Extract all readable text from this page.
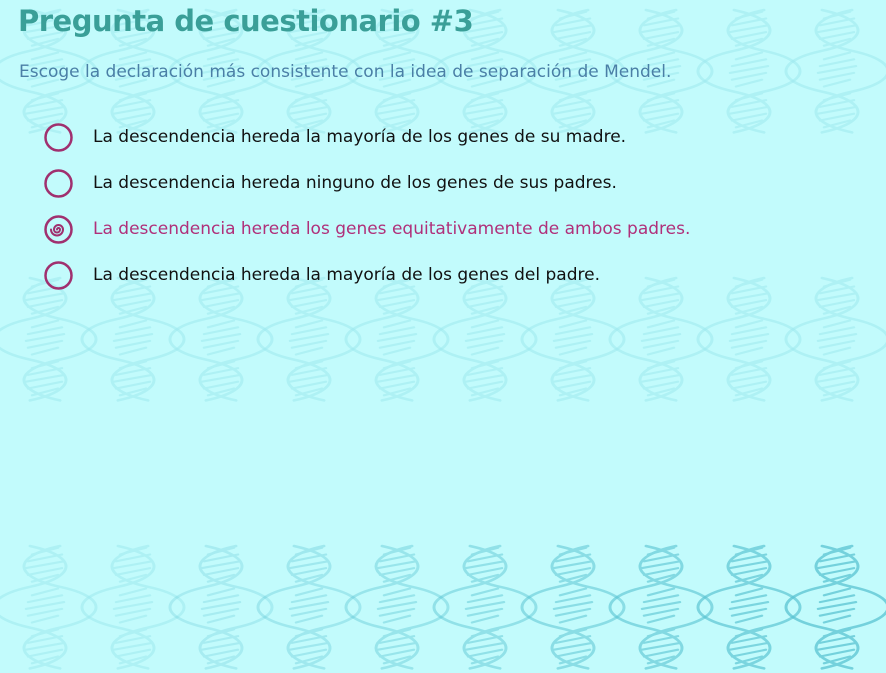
Pregunta de cuestionario #3

Escoge la declaración más consistente con la idea de separación de Mendel.

La descendencia hereda la mayoría de los genes de su madre.
La descendencia hereda ninguno de los genes de sus padres.
La descendencia hereda los genes equitativamente de ambos padres.
La descendencia hereda la mayoría de los genes del padre.
